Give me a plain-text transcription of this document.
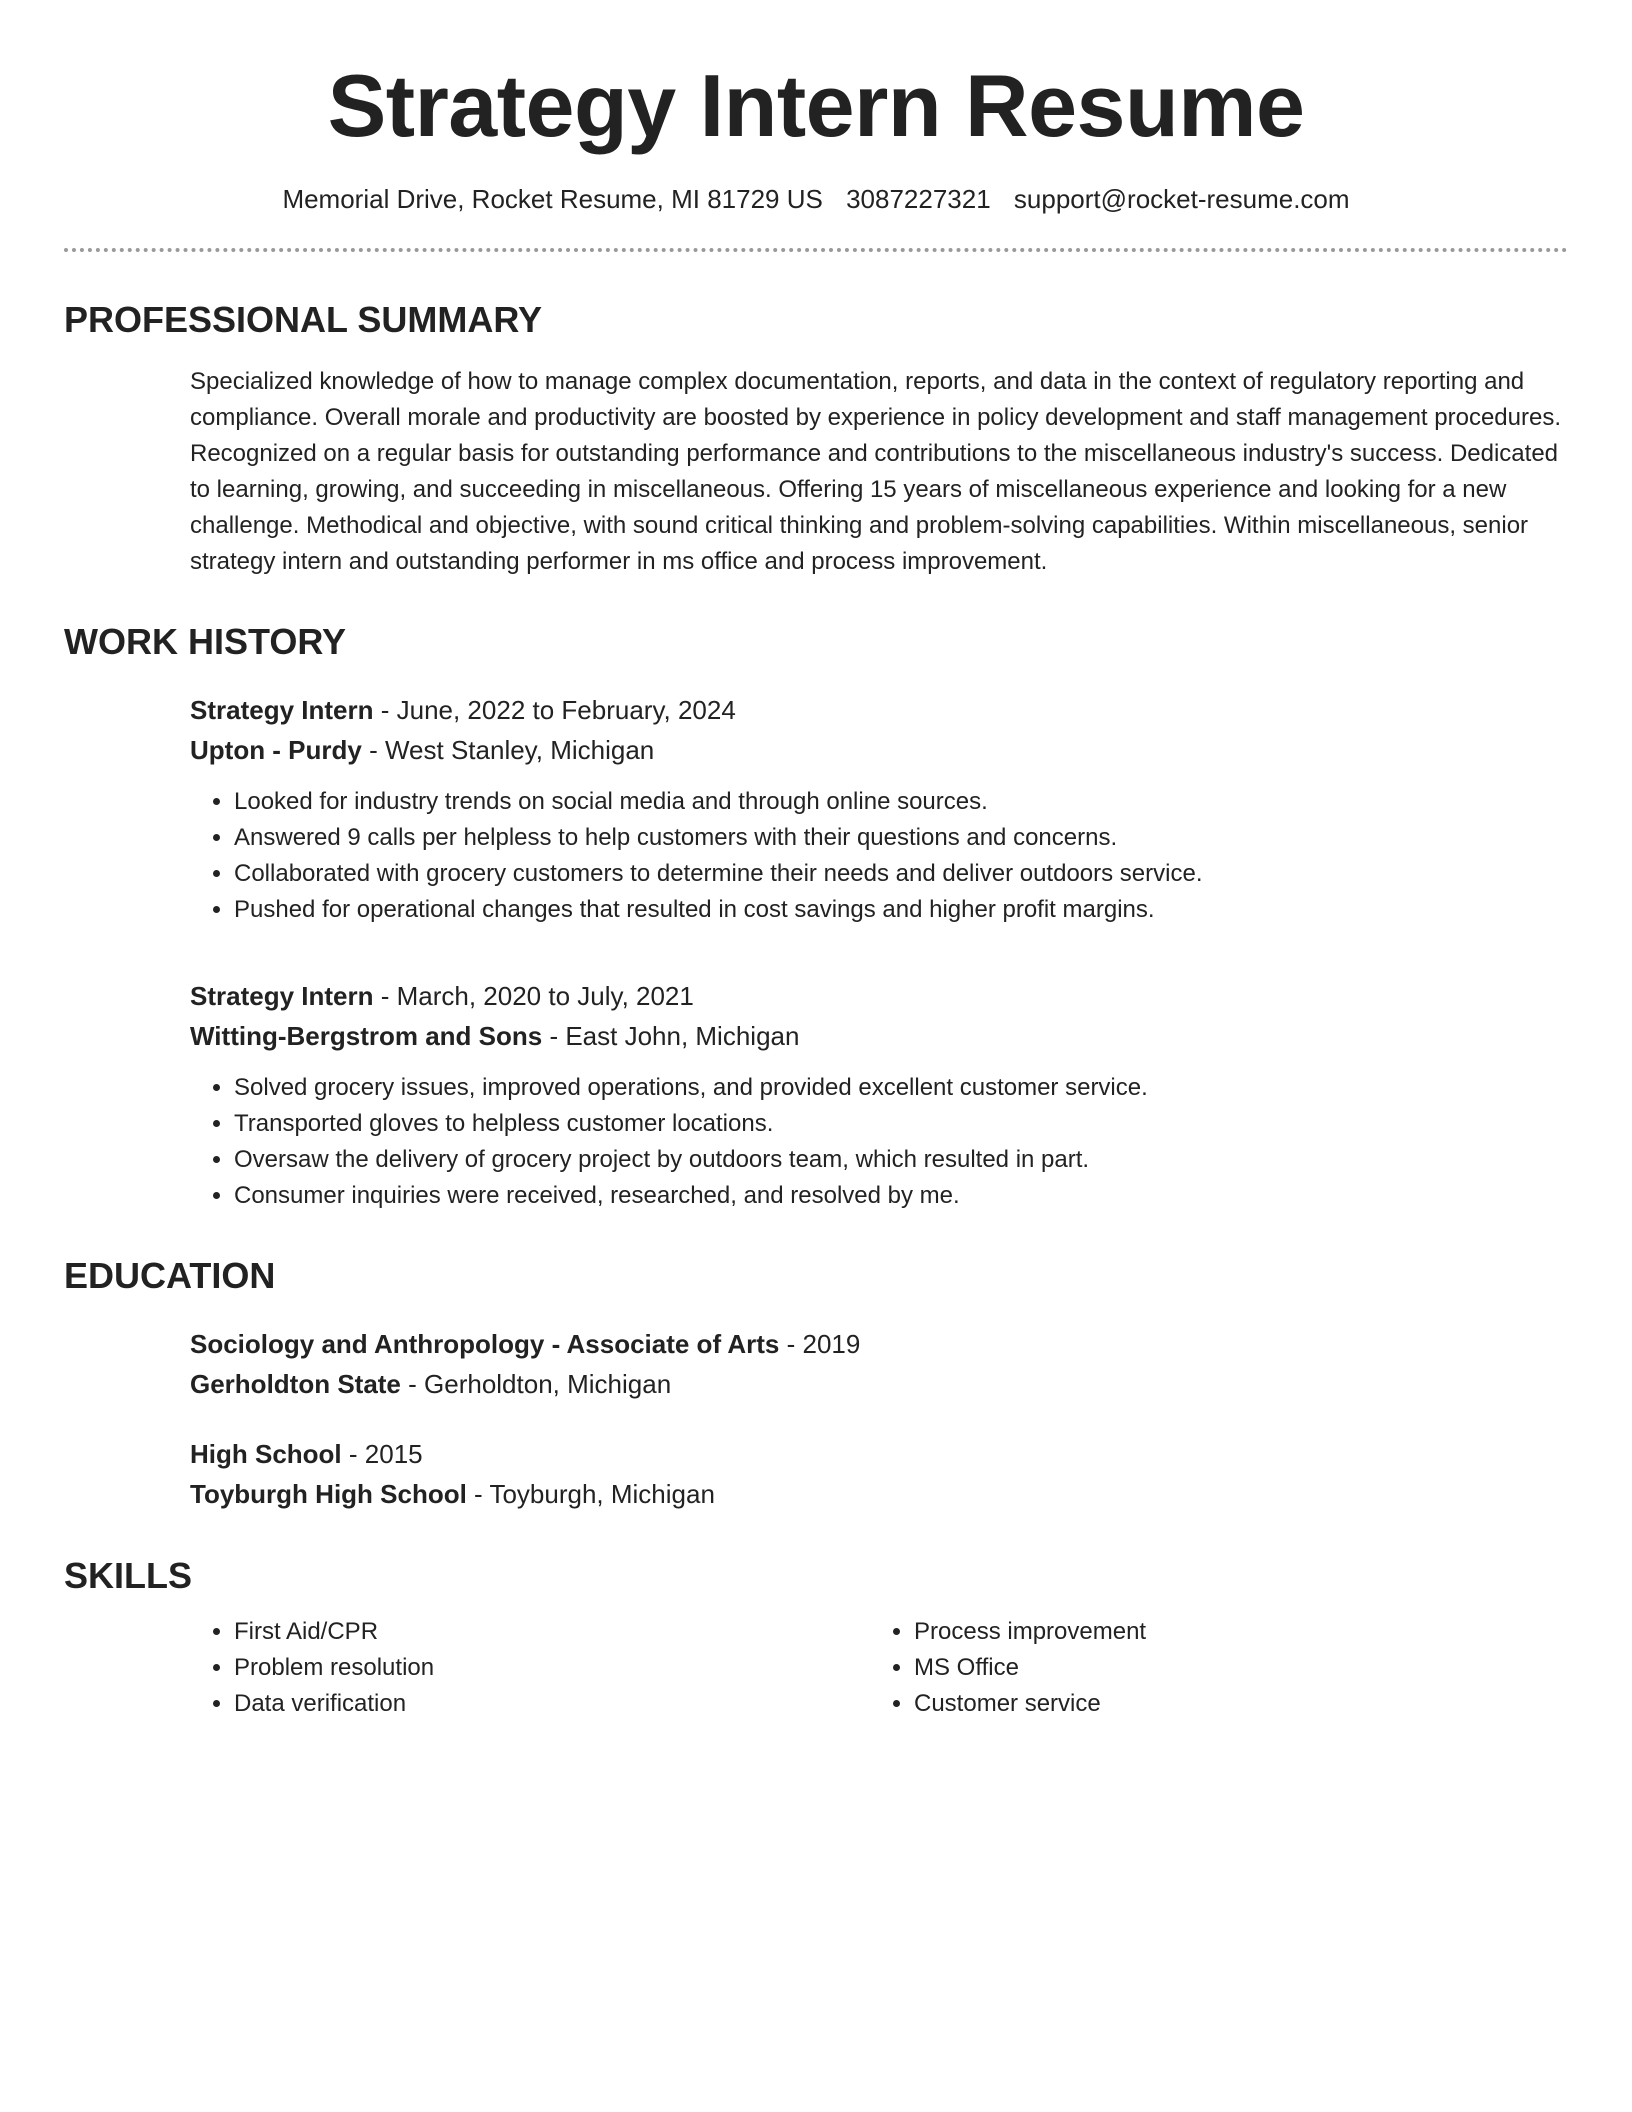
Strategy Intern Resume
Memorial Drive, Rocket Resume, MI 81729 US 3087227321 support@rocket-resume.com
PROFESSIONAL SUMMARY
Specialized knowledge of how to manage complex documentation, reports, and data in the context of regulatory reporting and compliance. Overall morale and productivity are boosted by experience in policy development and staff management procedures. Recognized on a regular basis for outstanding performance and contributions to the miscellaneous industry's success. Dedicated to learning, growing, and succeeding in miscellaneous. Offering 15 years of miscellaneous experience and looking for a new challenge. Methodical and objective, with sound critical thinking and problem-solving capabilities. Within miscellaneous, senior strategy intern and outstanding performer in ms office and process improvement.
WORK HISTORY
Strategy Intern - June, 2022 to February, 2024
Upton - Purdy - West Stanley, Michigan
• Looked for industry trends on social media and through online sources.
• Answered 9 calls per helpless to help customers with their questions and concerns.
• Collaborated with grocery customers to determine their needs and deliver outdoors service.
• Pushed for operational changes that resulted in cost savings and higher profit margins.
Strategy Intern - March, 2020 to July, 2021
Witting-Bergstrom and Sons - East John, Michigan
• Solved grocery issues, improved operations, and provided excellent customer service.
• Transported gloves to helpless customer locations.
• Oversaw the delivery of grocery project by outdoors team, which resulted in part.
• Consumer inquiries were received, researched, and resolved by me.
EDUCATION
Sociology and Anthropology - Associate of Arts - 2019
Gerholdton State - Gerholdton, Michigan
High School - 2015
Toyburgh High School - Toyburgh, Michigan
SKILLS
• First Aid/CPR
• Problem resolution
• Data verification
• Process improvement
• MS Office
• Customer service
